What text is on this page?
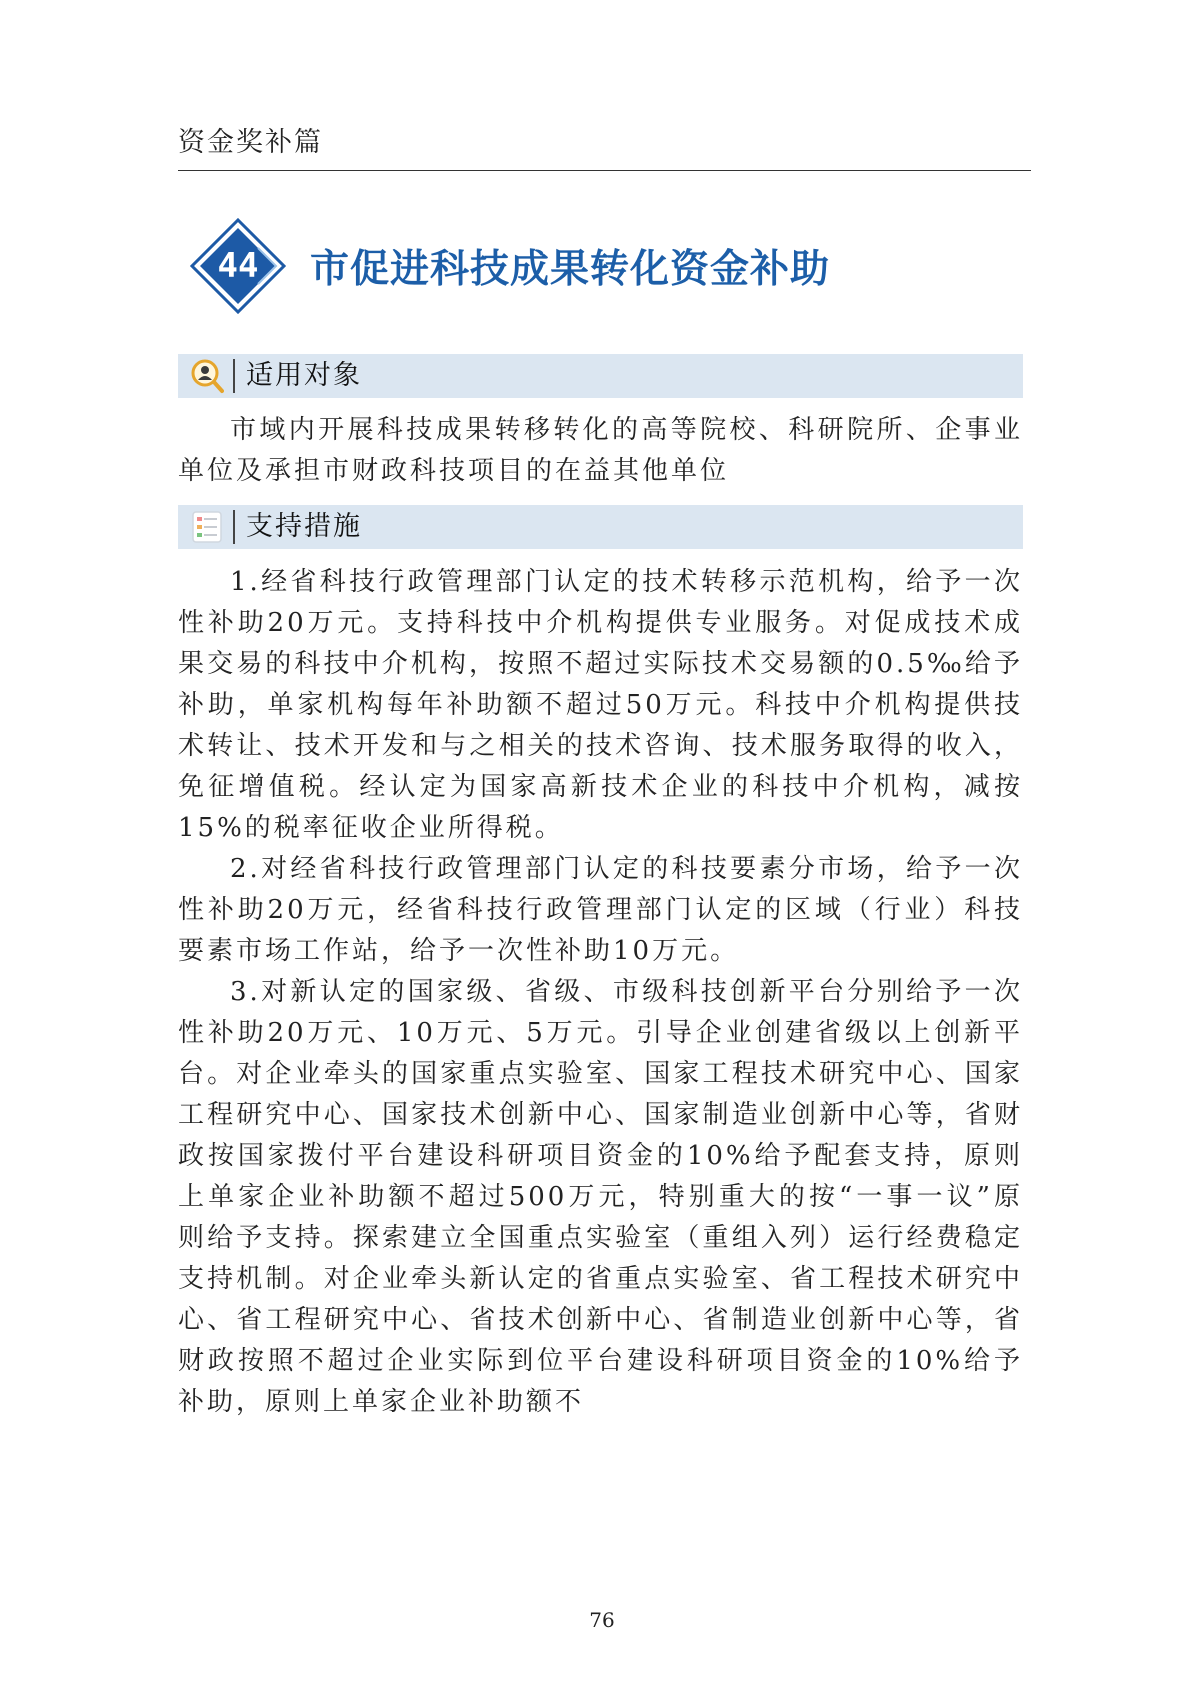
资金奖补篇
44	市促进科技成果转化资金补助
适用对象

市域内开展科技成果转移转化的高等院校、科研院所、企事业单位及承担市财政科技项目的在益其他单位

支持措施

1.经省科技行政管理部门认定的技术转移示范机构，给予一次性补助20万元。支持科技中介机构提供专业服务。对促成技术成果交易的科技中介机构，按照不超过实际技术交易额的0.5‰给予补助，单家机构每年补助额不超过50万元。科技中介机构提供技术转让、技术开发和与之相关的技术咨询、技术服务取得的收入，免征增值税。经认定为国家高新技术企业的科技中介机构，减按15%的税率征收企业所得税。

2.对经省科技行政管理部门认定的科技要素分市场，给予一次性补助20万元，经省科技行政管理部门认定的区域（行业）科技要素市场工作站，给予一次性补助10万元。

3.对新认定的国家级、省级、市级科技创新平台分别给予一次性补助20万元、10万元、5万元。引导企业创建省级以上创新平台。对企业牵头的国家重点实验室、国家工程技术研究中心、国家工程研究中心、国家技术创新中心、国家制造业创新中心等，省财政按国家拨付平台建设科研项目资金的10%给予配套支持，原则上单家企业补助额不超过500万元，特别重大的按“一事一议”原则给予支持。探索建立全国重点实验室（重组入列）运行经费稳定支持机制。对企业牵头新认定的省重点实验室、省工程技术研究中心、省工程研究中心、省技术创新中心、省制造业创新中心等，省财政按照不超过企业实际到位平台建设科研项目资金的10%给予补助，原则上单家企业补助额不

76
